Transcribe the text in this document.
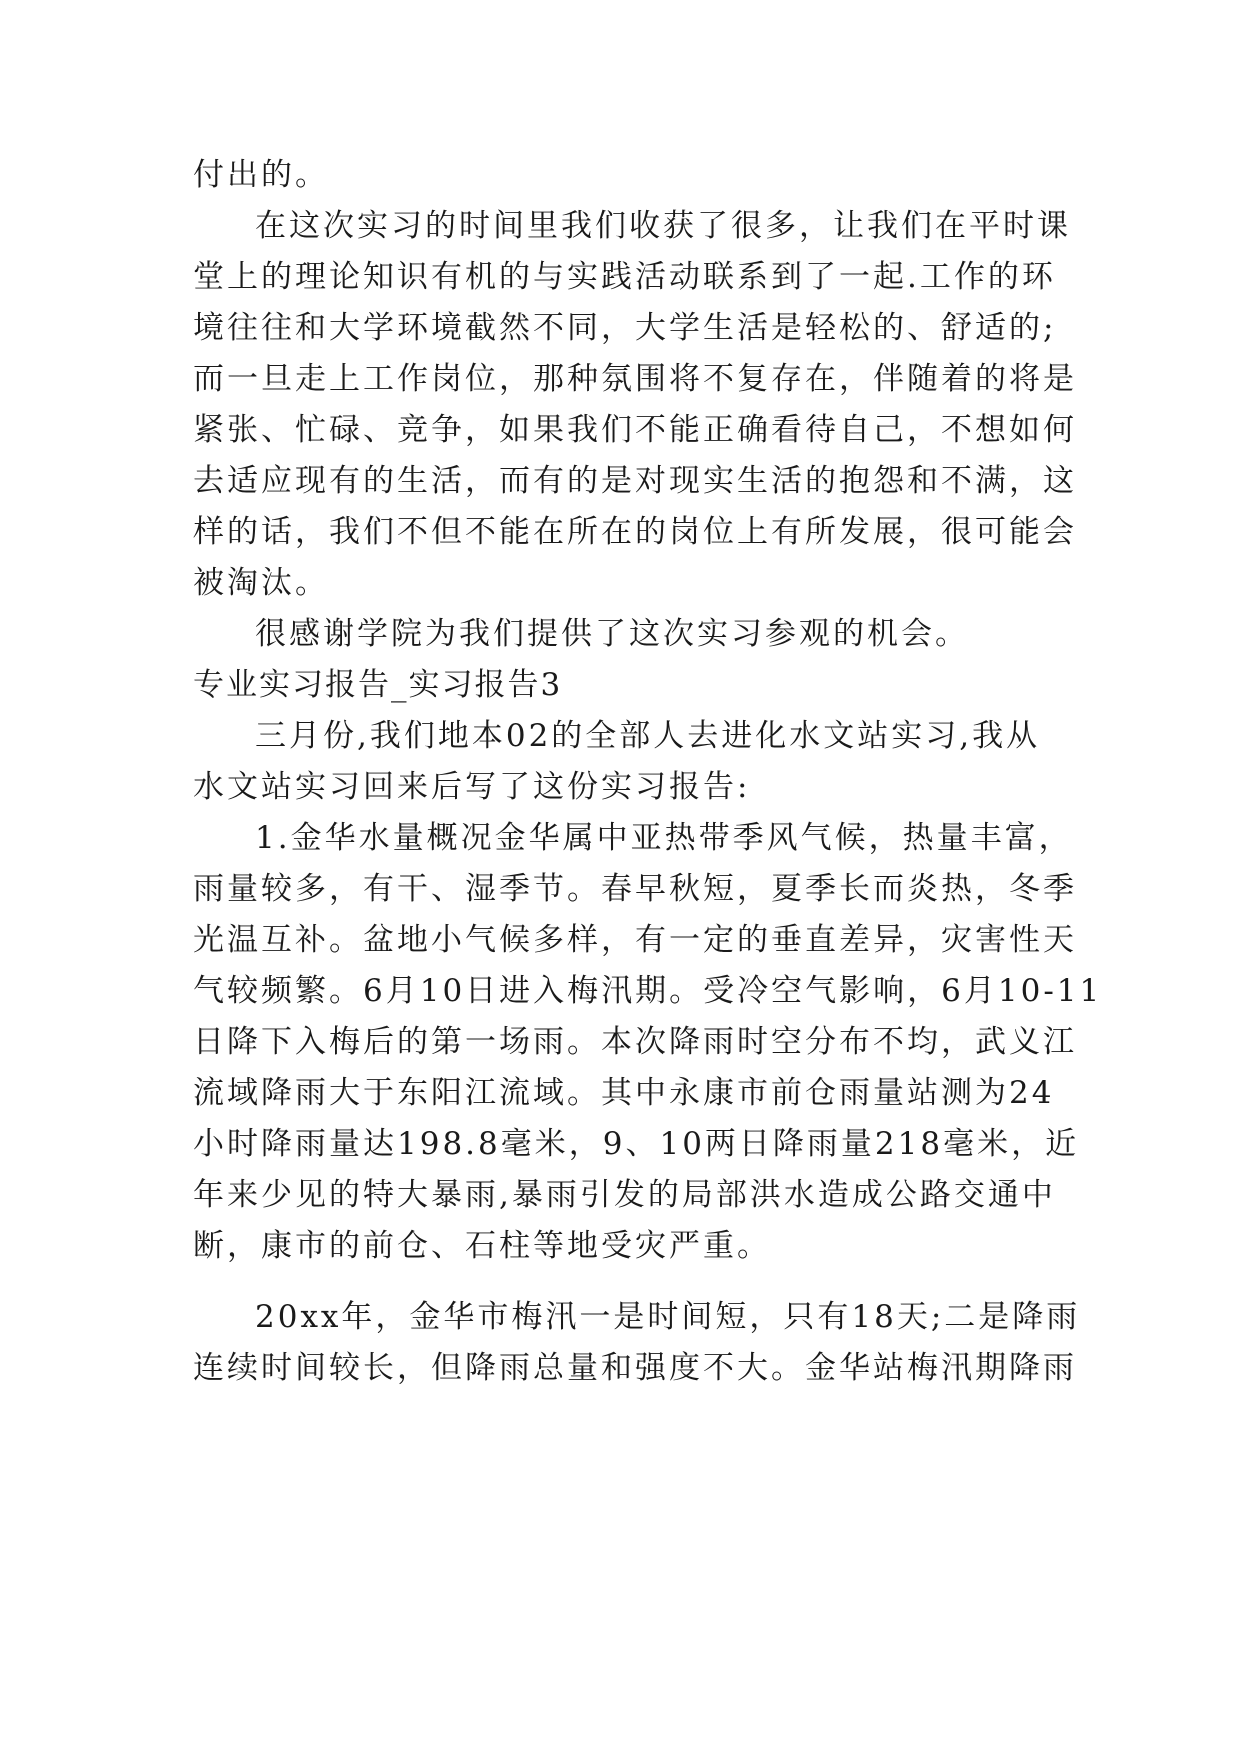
付出的。
在这次实习的时间里我们收获了很多，让我们在平时课
堂上的理论知识有机的与实践活动联系到了一起.工作的环
境往往和大学环境截然不同，大学生活是轻松的、舒适的;
而一旦走上工作岗位，那种氛围将不复存在，伴随着的将是
紧张、忙碌、竞争，如果我们不能正确看待自己，不想如何
去适应现有的生活，而有的是对现实生活的抱怨和不满，这
样的话，我们不但不能在所在的岗位上有所发展，很可能会
被淘汰。
很感谢学院为我们提供了这次实习参观的机会。
专业实习报告_实习报告3
三月份,我们地本02的全部人去进化水文站实习,我从
水文站实习回来后写了这份实习报告:
1.金华水量概况金华属中亚热带季风气候，热量丰富，
雨量较多，有干、湿季节。春早秋短，夏季长而炎热，冬季
光温互补。盆地小气候多样，有一定的垂直差异，灾害性天
气较频繁。6月10日进入梅汛期。受冷空气影响，6月10-11
日降下入梅后的第一场雨。本次降雨时空分布不均，武义江
流域降雨大于东阳江流域。其中永康市前仓雨量站测为24
小时降雨量达198.8毫米，9、10两日降雨量218毫米，近
年来少见的特大暴雨,暴雨引发的局部洪水造成公路交通中
断，康市的前仓、石柱等地受灾严重。
20xx年，金华市梅汛一是时间短，只有18天;二是降雨
连续时间较长，但降雨总量和强度不大。金华站梅汛期降雨
